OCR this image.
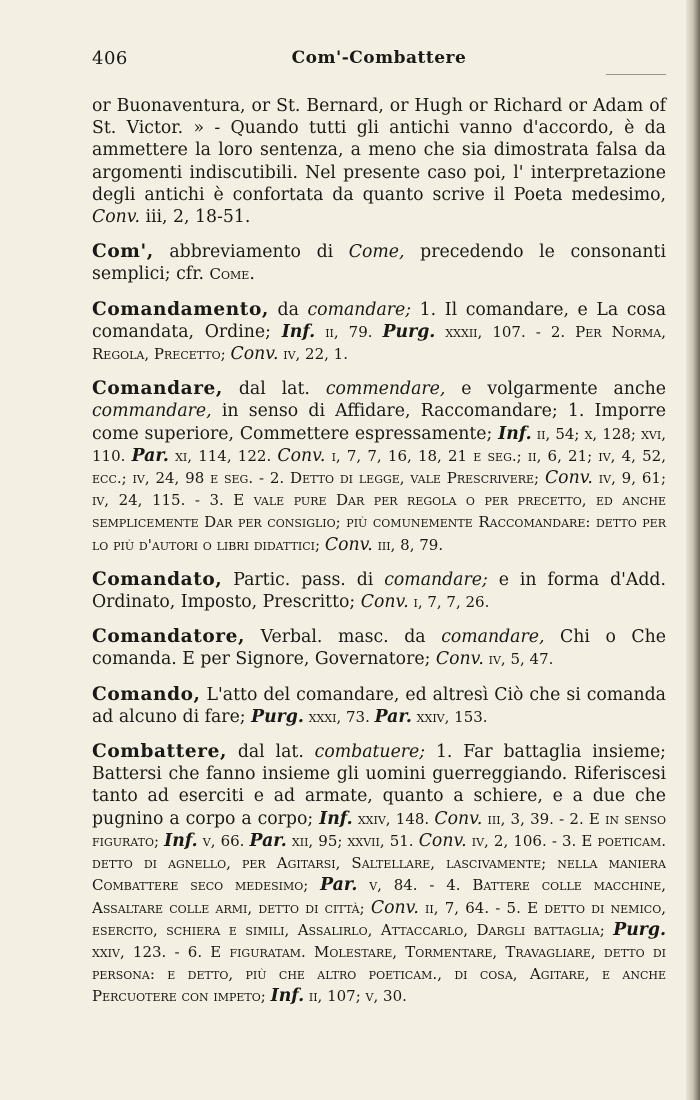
406	Com'-Combattere

or Buonaventura, or St. Bernard, or Hugh or Richard or Adam of St. Victor. » - Quando tutti gli antichi vanno d'accordo, è da ammettere la loro sentenza, a meno che sia dimostrata falsa da argomenti indiscutibili. Nel presente caso poi, l' interpretazione degli antichi è confortata da quanto scrive il Poeta medesimo, Conv. iii, 2, 18-51.

Com', abbreviamento di Come, precedendo le consonanti semplici; cfr. Come.

Comandamento, da comandare; 1. Il comandare, e La cosa comandata, Ordine; Inf. ii, 79. Purg. xxxii, 107. - 2. Per Norma, Regola, Precetto; Conv. iv, 22, 1.

Comandare, dal lat. commendare, e volgarmente anche commandare, in senso di Affidare, Raccomandare; 1. Imporre come superiore, Commettere espressamente; Inf. ii, 54; x, 128; xvi, 110. Par. xi, 114, 122. Conv. i, 7, 7, 16, 18, 21 e seg.; ii, 6, 21; iv, 4, 52, ecc.; iv, 24, 98 e seg. - 2. Detto di legge, vale Prescrivere; Conv. iv, 9, 61; iv, 24, 115. - 3. E vale pure Dar per regola o per precetto, ed anche semplicemente Dar per consiglio; più comunemente Raccomandare: detto per lo più d'autori o libri didattici; Conv. iii, 8, 79.

Comandato, Partic. pass. di comandare; e in forma d'Add. Ordinato, Imposto, Prescritto; Conv. i, 7, 7, 26.

Comandatore, Verbal. masc. da comandare, Chi o Che comanda. E per Signore, Governatore; Conv. iv, 5, 47.

Comando, L'atto del comandare, ed altresì Ciò che si comanda ad alcuno di fare; Purg. xxxi, 73. Par. xxiv, 153.

Combattere, dal lat. combatuere; 1. Far battaglia insieme; Battersi che fanno insieme gli uomini guerreggiando. Riferiscesi tanto ad eserciti e ad armate, quanto a schiere, e a due che pugnino a corpo a corpo; Inf. xxiv, 148. Conv. iii, 3, 39. - 2. E in senso figurato; Inf. v, 66. Par. xii, 95; xxvii, 51. Conv. iv, 2, 106. - 3. E poeticam. detto di agnello, per Agitarsi, Saltellare, lascivamente; nella maniera Combattere seco medesimo; Par. v, 84. - 4. Battere colle macchine, Assaltare colle armi, detto di città; Conv. ii, 7, 64. - 5. E detto di nemico, esercito, schiera e simili, Assalirlo, Attaccarlo, Dargli battaglia; Purg. xxiv, 123. - 6. E figuratam. Molestare, Tormentare, Travagliare, detto di persona: e detto, più che altro poeticam., di cosa, Agitare, e anche Percuotere con impeto; Inf. ii, 107; v, 30.
